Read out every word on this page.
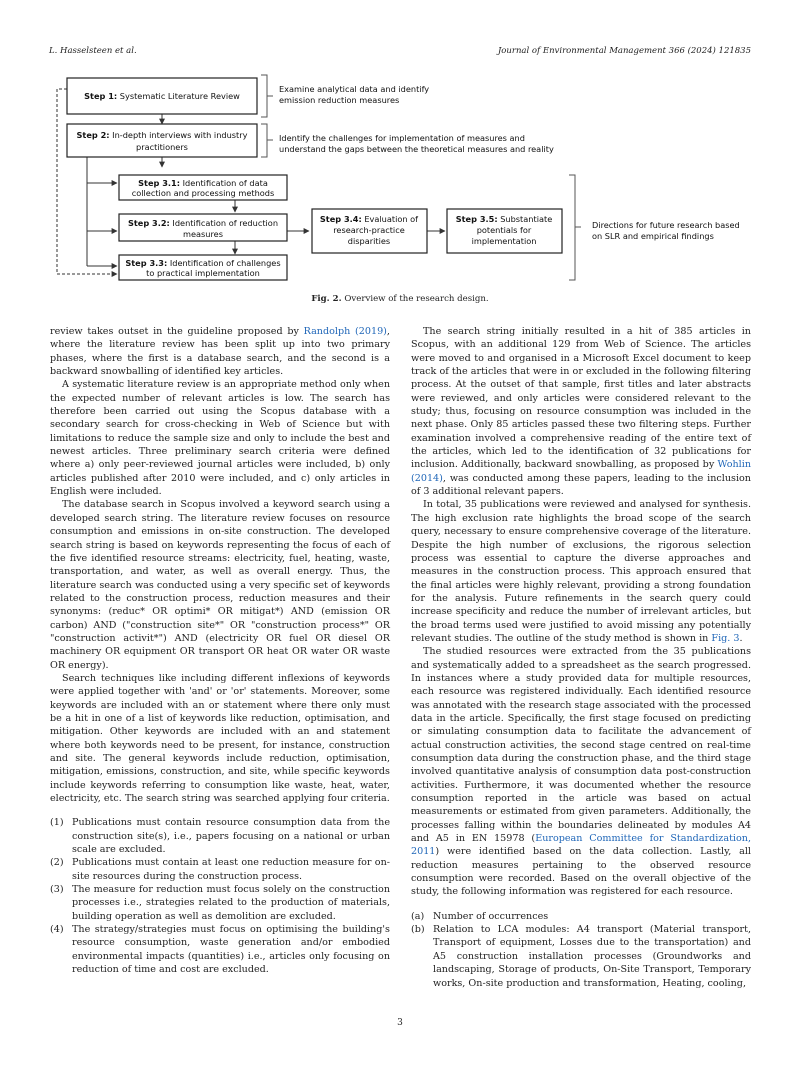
L. Hasselsteen et al.	Journal of Environmental Management 366 (2024) 121835
Step 1: Systematic Literature Review
Step 2: In-depth interviews with industry
practitioners
Step 3.1: Identification of data
collection and processing methods
Step 3.2: Identification of reduction
measures
Step 3.3: Identification of challenges
to practical implementation
Step 3.4: Evaluation of
research-practice
disparities
Step 3.5: Substantiate
potentials for
implementation
Examine analytical data and identify
emission reduction measures
Identify the challenges for implementation of measures and
understand the gaps between the theoretical measures and reality
Directions for future research based
on SLR and empirical findings
Fig. 2. Overview of the research design.

review takes outset in the guideline proposed by Randolph (2019), where the literature review has been split up into two primary phases, where the first is a database search, and the second is a backward snowballing of identified key articles.

A systematic literature review is an appropriate method only when the expected number of relevant articles is low. The search has therefore been carried out using the Scopus database with a secondary search for cross-checking in Web of Science but with limitations to reduce the sample size and only to include the best and newest articles. Three preliminary search criteria were defined where a) only peer-reviewed journal articles were included, b) only articles published after 2010 were included, and c) only articles in English were included.

The database search in Scopus involved a keyword search using a developed search string. The literature review focuses on resource consumption and emissions in on-site construction. The developed search string is based on keywords representing the focus of each of the five identified resource streams: electricity, fuel, heating, waste, transportation, and water, as well as overall energy. Thus, the literature search was conducted using a very specific set of keywords related to the construction process, reduction measures and their synonyms: (reduc* OR optimi* OR mitigat*) AND (emission OR carbon) AND ("construction site*" OR "construction process*" OR "construction activit*") AND (electricity OR fuel OR diesel OR machinery OR equipment OR transport OR heat OR water OR waste OR energy).

Search techniques like including different inflexions of keywords were applied together with 'and' or 'or' statements. Moreover, some keywords are included with an or statement where there only must be a hit in one of a list of keywords like reduction, optimisation, and mitigation. Other keywords are included with an and statement where both keywords need to be present, for instance, construction and site. The general keywords include reduction, optimisation, mitigation, emissions, construction, and site, while specific keywords include keywords referring to consumption like waste, heat, water, electricity, etc. The search string was searched applying four criteria.

(1) Publications must contain resource consumption data from the construction site(s), i.e., papers focusing on a national or urban scale are excluded.
(2) Publications must contain at least one reduction measure for on-site resources during the construction process.
(3) The measure for reduction must focus solely on the construction processes i.e., strategies related to the production of materials, building operation as well as demolition are excluded.
(4) The strategy/strategies must focus on optimising the building's resource consumption, waste generation and/or embodied environmental impacts (quantities) i.e., articles only focusing on reduction of time and cost are excluded.

The search string initially resulted in a hit of 385 articles in Scopus, with an additional 129 from Web of Science. The articles were moved to and organised in a Microsoft Excel document to keep track of the articles that were in or excluded in the following filtering process. At the outset of that sample, first titles and later abstracts were reviewed, and only articles were considered relevant to the study; thus, focusing on resource consumption was included in the next phase. Only 85 articles passed these two filtering steps. Further examination involved a comprehensive reading of the entire text of the articles, which led to the identification of 32 publications for inclusion. Additionally, backward snowballing, as proposed by Wohlin (2014), was conducted among these papers, leading to the inclusion of 3 additional relevant papers.

In total, 35 publications were reviewed and analysed for synthesis. The high exclusion rate highlights the broad scope of the search query, necessary to ensure comprehensive coverage of the literature. Despite the high number of exclusions, the rigorous selection process was essential to capture the diverse approaches and measures in the construction process. This approach ensured that the final articles were highly relevant, providing a strong foundation for the analysis. Future refinements in the search query could increase specificity and reduce the number of irrelevant articles, but the broad terms used were justified to avoid missing any potentially relevant studies. The outline of the study method is shown in Fig. 3.

The studied resources were extracted from the 35 publications and systematically added to a spreadsheet as the search progressed. In instances where a study provided data for multiple resources, each resource was registered individually. Each identified resource was annotated with the research stage associated with the processed data in the article. Specifically, the first stage focused on predicting or simulating consumption data to facilitate the advancement of actual construction activities, the second stage centred on real-time consumption data during the construction phase, and the third stage involved quantitative analysis of consumption data post-construction activities. Furthermore, it was documented whether the resource consumption reported in the article was based on actual measurements or estimated from given parameters. Additionally, the processes falling within the boundaries delineated by modules A4 and A5 in EN 15978 (European Committee for Standardization, 2011) were identified based on the data collection. Lastly, all reduction measures pertaining to the observed resource consumption were recorded. Based on the overall objective of the study, the following information was registered for each resource.

(a) Number of occurrences
(b) Relation to LCA modules: A4 transport (Material transport, Transport of equipment, Losses due to the transportation) and A5 construction installation processes (Groundworks and landscaping, Storage of products, On-Site Transport, Temporary works, On-site production and transformation, Heating, cooling,
3
